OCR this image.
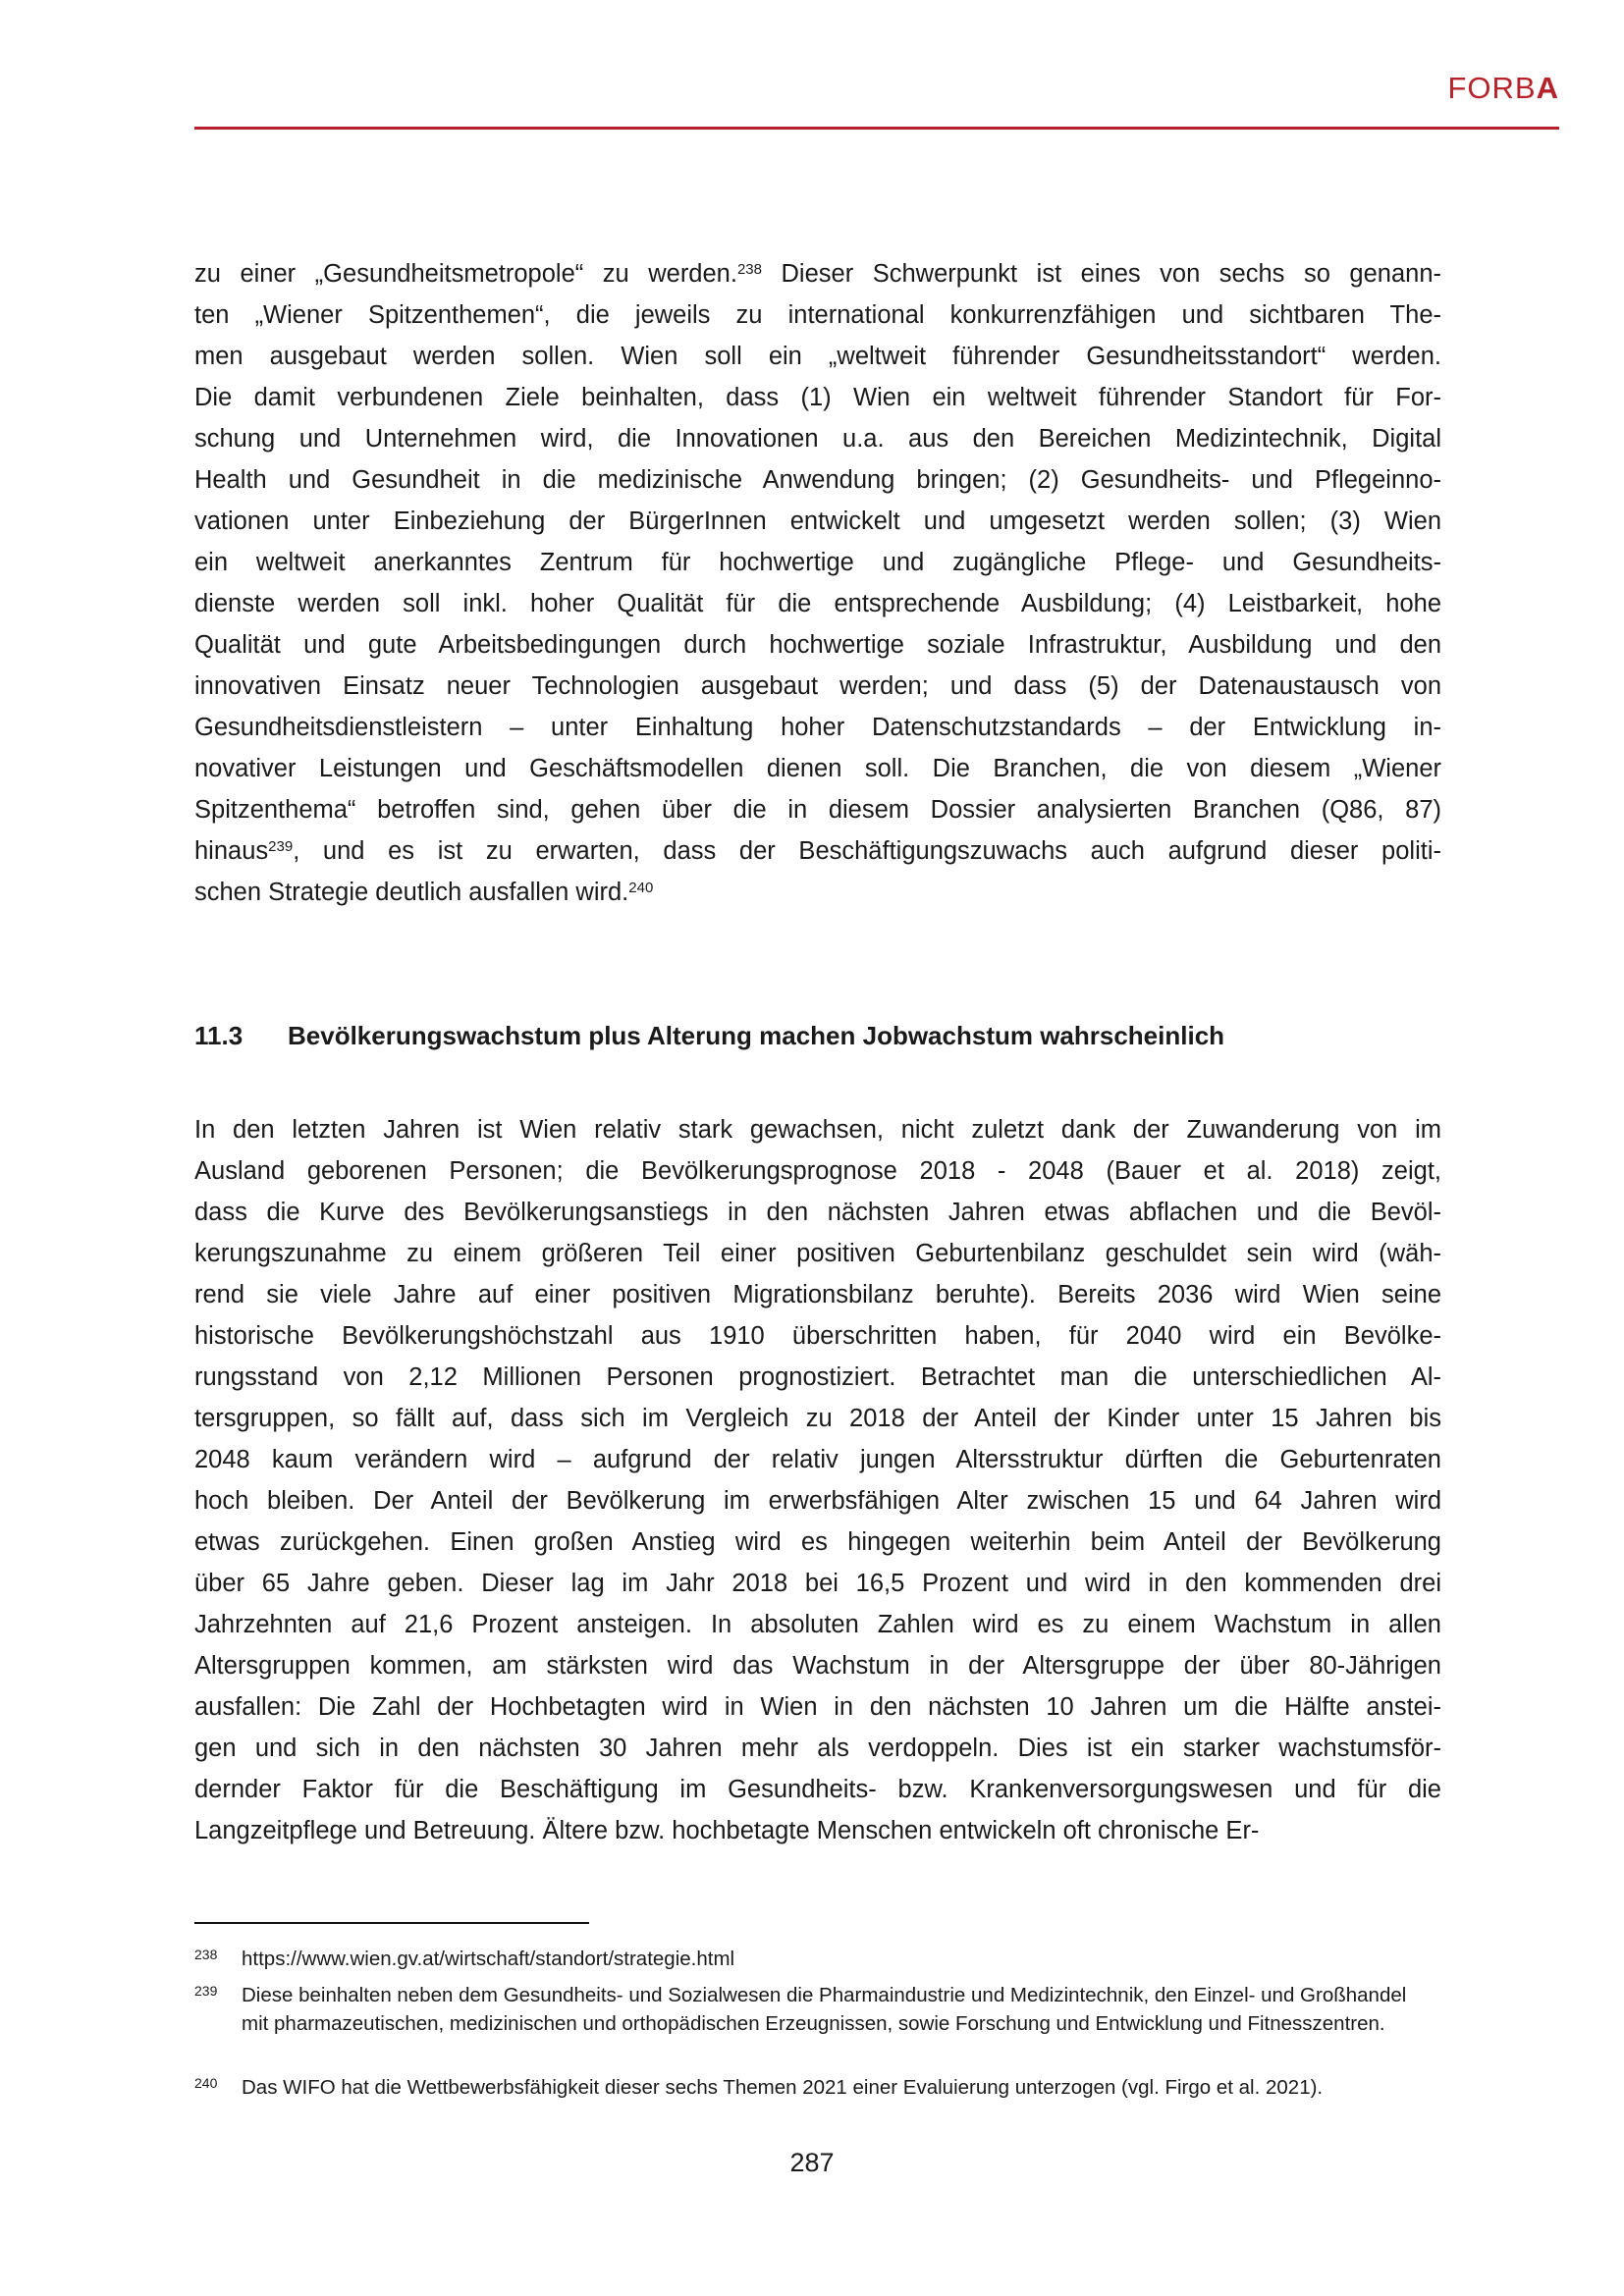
FORBA
zu einer „Gesundheitsmetropole“ zu werden.$^{238}$ Dieser Schwerpunkt ist eines von sechs so genann-
ten „Wiener Spitzenthemen“, die jeweils zu international konkurrenzfähigen und sichtbaren The-
men ausgebaut werden sollen. Wien soll ein „weltweit führender Gesundheitsstandort“ werden.
Die damit verbundenen Ziele beinhalten, dass (1) Wien ein weltweit führender Standort für For-
schung und Unternehmen wird, die Innovationen u.a. aus den Bereichen Medizintechnik, Digital
Health und Gesundheit in die medizinische Anwendung bringen; (2) Gesundheits- und Pflegeinno-
vationen unter Einbeziehung der BürgerInnen entwickelt und umgesetzt werden sollen; (3) Wien
ein weltweit anerkanntes Zentrum für hochwertige und zugängliche Pflege- und Gesundheits-
dienste werden soll inkl. hoher Qualität für die entsprechende Ausbildung; (4) Leistbarkeit, hohe
Qualität und gute Arbeitsbedingungen durch hochwertige soziale Infrastruktur, Ausbildung und den
innovativen Einsatz neuer Technologien ausgebaut werden; und dass (5) der Datenaustausch von
Gesundheitsdienstleistern – unter Einhaltung hoher Datenschutzstandards – der Entwicklung in-
novativer Leistungen und Geschäftsmodellen dienen soll. Die Branchen, die von diesem „Wiener
Spitzenthema“ betroffen sind, gehen über die in diesem Dossier analysierten Branchen (Q86, 87)
hinaus$^{239}$, und es ist zu erwarten, dass der Beschäftigungszuwachs auch aufgrund dieser politi-
schen Strategie deutlich ausfallen wird.$^{240}$
11.3 Bevölkerungswachstum plus Alterung machen Jobwachstum wahrscheinlich
In den letzten Jahren ist Wien relativ stark gewachsen, nicht zuletzt dank der Zuwanderung von im
Ausland geborenen Personen; die Bevölkerungsprognose 2018 - 2048 (Bauer et al. 2018) zeigt,
dass die Kurve des Bevölkerungsanstiegs in den nächsten Jahren etwas abflachen und die Bevöl-
kerungszunahme zu einem größeren Teil einer positiven Geburtenbilanz geschuldet sein wird (wäh-
rend sie viele Jahre auf einer positiven Migrationsbilanz beruhte). Bereits 2036 wird Wien seine
historische Bevölkerungshöchstzahl aus 1910 überschritten haben, für 2040 wird ein Bevölke-
rungsstand von 2,12 Millionen Personen prognostiziert. Betrachtet man die unterschiedlichen Al-
tersgruppen, so fällt auf, dass sich im Vergleich zu 2018 der Anteil der Kinder unter 15 Jahren bis
2048 kaum verändern wird – aufgrund der relativ jungen Altersstruktur dürften die Geburtenraten
hoch bleiben. Der Anteil der Bevölkerung im erwerbsfähigen Alter zwischen 15 und 64 Jahren wird
etwas zurückgehen. Einen großen Anstieg wird es hingegen weiterhin beim Anteil der Bevölkerung
über 65 Jahre geben. Dieser lag im Jahr 2018 bei 16,5 Prozent und wird in den kommenden drei
Jahrzehnten auf 21,6 Prozent ansteigen. In absoluten Zahlen wird es zu einem Wachstum in allen
Altersgruppen kommen, am stärksten wird das Wachstum in der Altersgruppe der über 80-Jährigen
ausfallen: Die Zahl der Hochbetagten wird in Wien in den nächsten 10 Jahren um die Hälfte anstei-
gen und sich in den nächsten 30 Jahren mehr als verdoppeln. Dies ist ein starker wachstumsför-
dernder Faktor für die Beschäftigung im Gesundheits- bzw. Krankenversorgungswesen und für die
Langzeitpflege und Betreuung. Ältere bzw. hochbetagte Menschen entwickeln oft chronische Er-
238 https://www.wien.gv.at/wirtschaft/standort/strategie.html
239 Diese beinhalten neben dem Gesundheits- und Sozialwesen die Pharmaindustrie und Medizintechnik, den Einzel- und Großhandel mit pharmazeutischen, medizinischen und orthopädischen Erzeugnissen, sowie Forschung und Entwicklung und Fitnesszentren.
240 Das WIFO hat die Wettbewerbsfähigkeit dieser sechs Themen 2021 einer Evaluierung unterzogen (vgl. Firgo et al. 2021).
287
